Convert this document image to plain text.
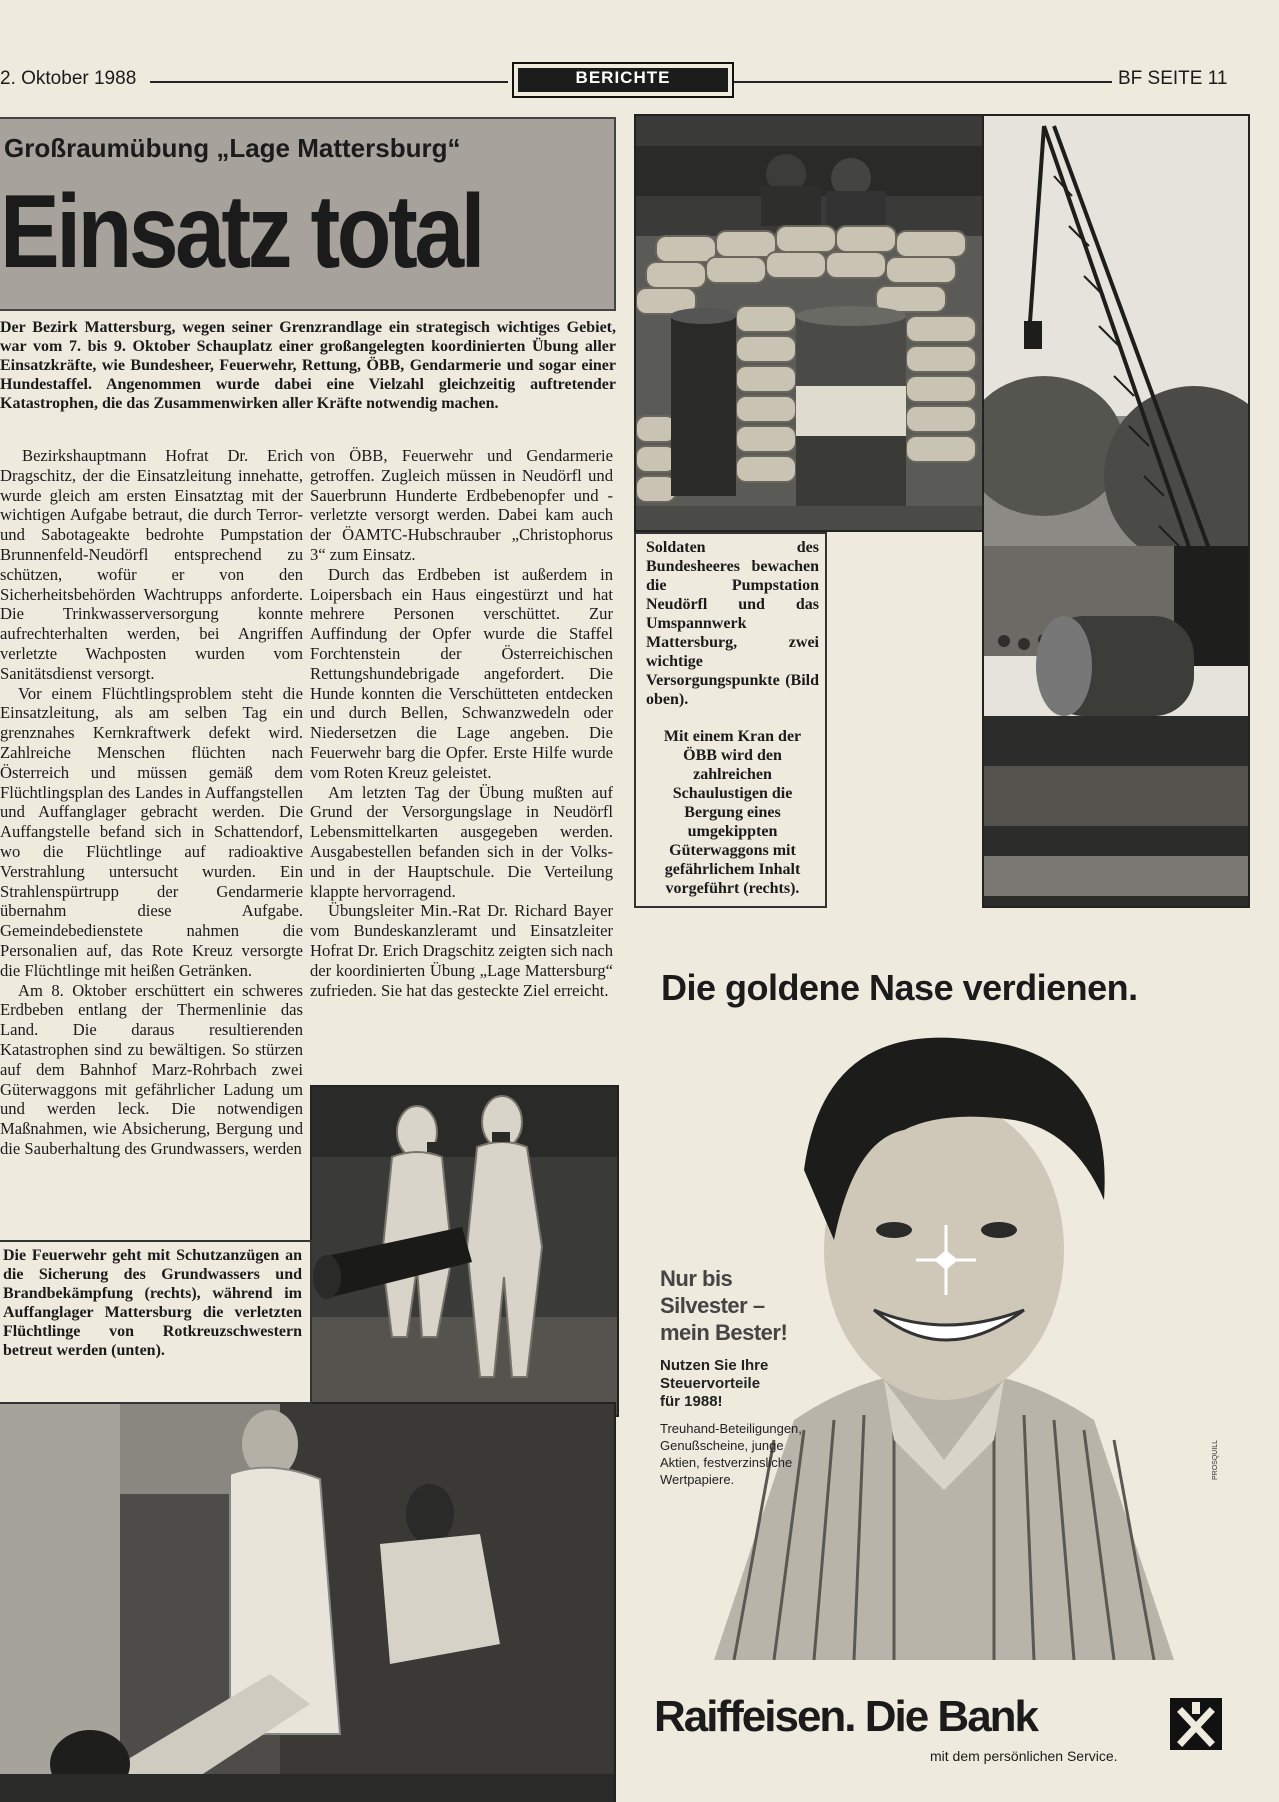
2. Oktober 1988	BERICHTE	BF SEITE 11
Großraumübung „Lage Mattersburg“
Einsatz total

Der Bezirk Mattersburg, wegen seiner Grenzrandlage ein strategisch wichtiges Gebiet, war vom 7. bis 9. Oktober Schauplatz einer großangelegten koordinierten Übung aller Einsatzkräfte, wie Bundesheer, Feuerwehr, Rettung, ÖBB, Gendarmerie und sogar einer Hundestaffel. Angenommen wurde dabei eine Vielzahl gleichzeitig auftretender Katastrophen, die das Zusammenwirken aller Kräfte notwendig machen.

Bezirkshauptmann Hofrat Dr. Erich Dragschitz, der die Einsatzleitung innehatte, wurde gleich am ersten Einsatztag mit der wichtigen Aufgabe betraut, die durch Terror- und Sabotageakte bedrohte Pumpstation Brunnenfeld-Neudörfl entsprechend zu schützen, wofür er von den Sicherheitsbehörden Wachtrupps anforderte. Die Trinkwasserversorgung konnte aufrechterhalten werden, bei Angriffen verletzte Wachposten wurden vom Sanitätsdienst versorgt.

Vor einem Flüchtlingsproblem steht die Einsatzleitung, als am selben Tag ein grenznahes Kernkraftwerk defekt wird. Zahlreiche Menschen flüchten nach Österreich und müssen gemäß dem Flüchtlingsplan des Landes in Auffangstellen und Auffanglager gebracht werden. Die Auffangstelle befand sich in Schattendorf, wo die Flüchtlinge auf radioaktive Verstrahlung untersucht wurden. Ein Strahlenspürtrupp der Gendarmerie übernahm diese Aufgabe. Gemeindebedienstete nahmen die Personalien auf, das Rote Kreuz versorgte die Flüchtlinge mit heißen Getränken.

Am 8. Oktober erschüttert ein schweres Erdbeben entlang der Thermenlinie das Land. Die daraus resultierenden Katastrophen sind zu bewältigen. So stürzen auf dem Bahnhof Marz-Rohrbach zwei Güterwaggons mit gefährlicher Ladung um und werden leck. Die notwendigen Maßnahmen, wie Absicherung, Bergung und die Sauberhaltung des Grundwassers, werden

von ÖBB, Feuerwehr und Gendarmerie getroffen. Zugleich müssen in Neudörfl und Sauerbrunn Hunderte Erdbebenopfer und -verletzte versorgt werden. Dabei kam auch der ÖAMTC-Hubschrauber „Christophorus 3“ zum Einsatz.

Durch das Erdbeben ist außerdem in Loipersbach ein Haus eingestürzt und hat mehrere Personen verschüttet. Zur Auffindung der Opfer wurde die Staffel Forchtenstein der Österreichischen Rettungshundebrigade angefordert. Die Hunde konnten die Verschütteten entdecken und durch Bellen, Schwanzwedeln oder Niedersetzen die Lage angeben. Die Feuerwehr barg die Opfer. Erste Hilfe wurde vom Roten Kreuz geleistet.

Am letzten Tag der Übung mußten auf Grund der Versorgungslage in Neudörfl Lebensmittelkarten ausgegeben werden. Ausgabestellen befanden sich in der Volks- und in der Hauptschule. Die Verteilung klappte hervorragend.

Übungsleiter Min.-Rat Dr. Richard Bayer vom Bundeskanzleramt und Einsatzleiter Hofrat Dr. Erich Dragschitz zeigten sich nach der koordinierten Übung „Lage Mattersburg“ zufrieden. Sie hat das gesteckte Ziel erreicht.

Die Feuerwehr geht mit Schutzanzügen an die Sicherung des Grundwassers und Brandbekämpfung (rechts), während im Auffanglager Mattersburg die verletzten Flüchtlinge von Rotkreuzschwestern betreut werden (unten).

Soldaten des Bundesheeres bewachen die Pumpstation Neudörfl und das Umspannwerk Mattersburg, zwei wichtige Versorgungspunkte (Bild oben).

Mit einem Kran der ÖBB wird den zahlreichen Schaulustigen die Bergung eines umgekippten Güterwaggons mit gefährlichem Inhalt vorgeführt (rechts).

Die goldene Nase verdienen.
Nur bis
Silvester –
mein Bester!
Nutzen Sie Ihre
Steuervorteile
für 1988!
Treuhand-Beteiligungen,
Genußscheine, junge
Aktien, festverzinsliche
Wertpapiere.	PROSQUILL
Raiffeisen. Die Bank
mit dem persönlichen Service.
